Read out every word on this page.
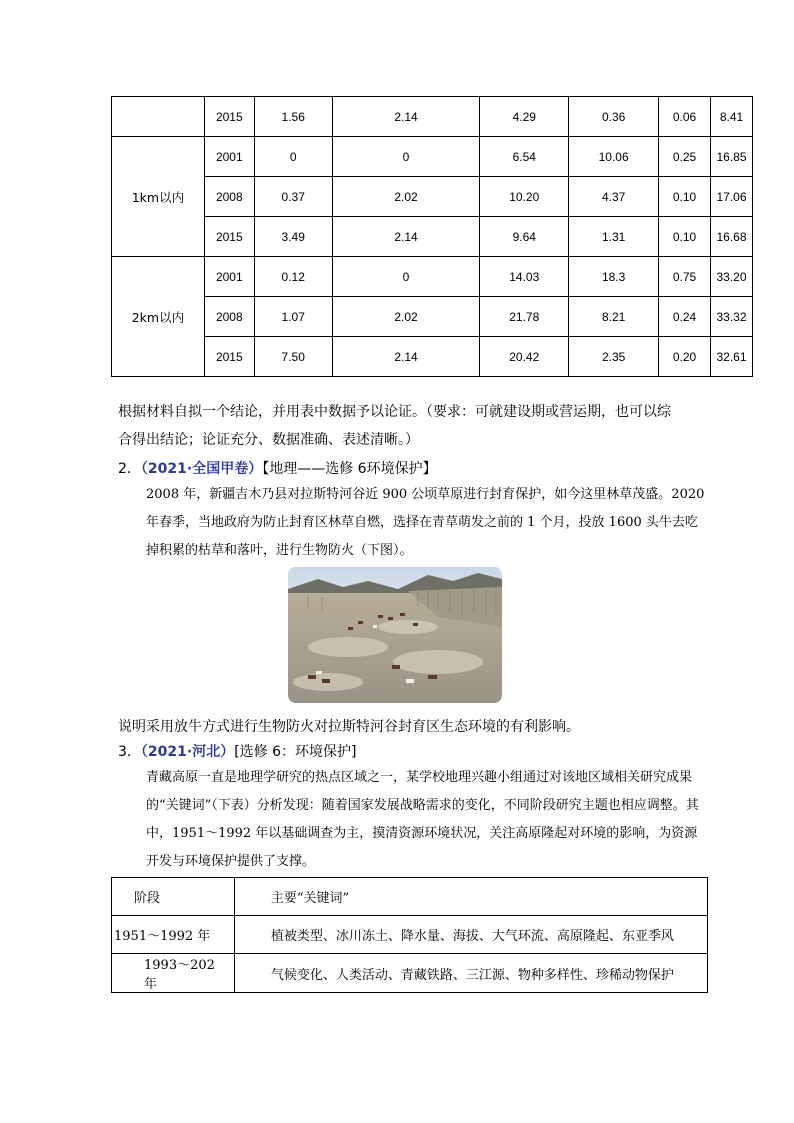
	2015	1.56	2.14	4.29	0.36	0.06	8.41
1km以内	2001	0	0	6.54	10.06	0.25	16.85
	2008	0.37	2.02	10.20	4.37	0.10	17.06
	2015	3.49	2.14	9.64	1.31	0.10	16.68
2km以内	2001	0.12	0	14.03	18.3	0.75	33.20
	2008	1.07	2.02	21.78	8.21	0.24	33.32
	2015	7.50	2.14	20.42	2.35	0.20	32.61

根据材料自拟一个结论，并用表中数据予以论证。（要求：可就建设期或营运期，也可以综合得出结论；论证充分、数据准确、表述清晰。）

2．（2021·全国甲卷）【地理——选修 6环境保护】

2008 年，新疆吉木乃县对拉斯特河谷近 900 公顷草原进行封育保护，如今这里林草茂盛。2020 年春季，当地政府为防止封育区林草自燃，选择在青草萌发之前的 1 个月，投放 1600 头牛去吃掉积累的枯草和落叶，进行生物防火（下图）。

说明采用放牛方式进行生物防火对拉斯特河谷封育区生态环境的有利影响。

3．（2021·河北）[选修 6：环境保护]

青藏高原一直是地理学研究的热点区域之一，某学校地理兴趣小组通过对该地区域相关研究成果的“关键词”（下表）分析发现：随着国家发展战略需求的变化，不同阶段研究主题也相应调整。其中，1951～1992 年以基础调查为主，摸清资源环境状况，关注高原隆起对环境的影响，为资源开发与环境保护提供了支撑。

阶段	主要“关键词”
1951～1992 年	植被类型、冰川冻土、降水量、海拔、大气环流、高原隆起、东亚季风
1993～202 年	气候变化、人类活动、青藏铁路、三江源、物种多样性、珍稀动物保护
